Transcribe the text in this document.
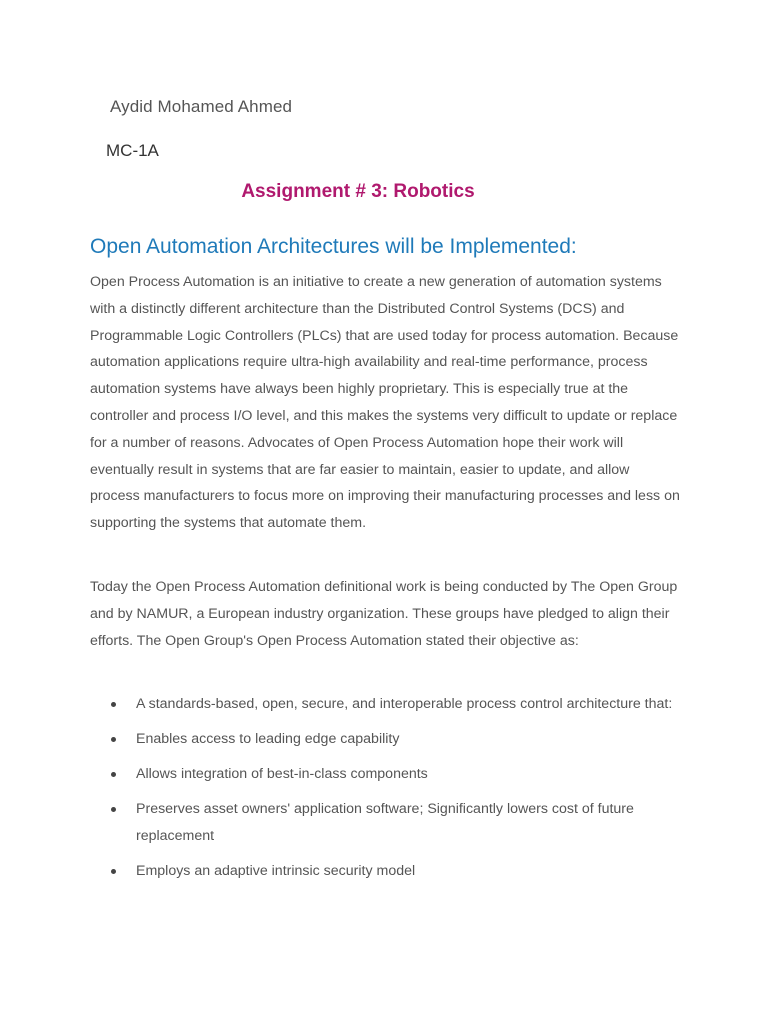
Aydid Mohamed Ahmed

MC-1A

Assignment # 3: Robotics
Open Automation Architectures will be Implemented:

Open Process Automation is an initiative to create a new generation of automation systems with a distinctly different architecture than the Distributed Control Systems (DCS) and Programmable Logic Controllers (PLCs) that are used today for process automation. Because automation applications require ultra-high availability and real-time performance, process automation systems have always been highly proprietary. This is especially true at the controller and process I/O level, and this makes the systems very difficult to update or replace for a number of reasons. Advocates of Open Process Automation hope their work will eventually result in systems that are far easier to maintain, easier to update, and allow process manufacturers to focus more on improving their manufacturing processes and less on supporting the systems that automate them.

Today the Open Process Automation definitional work is being conducted by The Open Group and by NAMUR, a European industry organization. These groups have pledged to align their efforts. The Open Group's Open Process Automation stated their objective as:

A standards-based, open, secure, and interoperable process control architecture that:
Enables access to leading edge capability
Allows integration of best-in-class components
Preserves asset owners' application software; Significantly lowers cost of future replacement
Employs an adaptive intrinsic security model
